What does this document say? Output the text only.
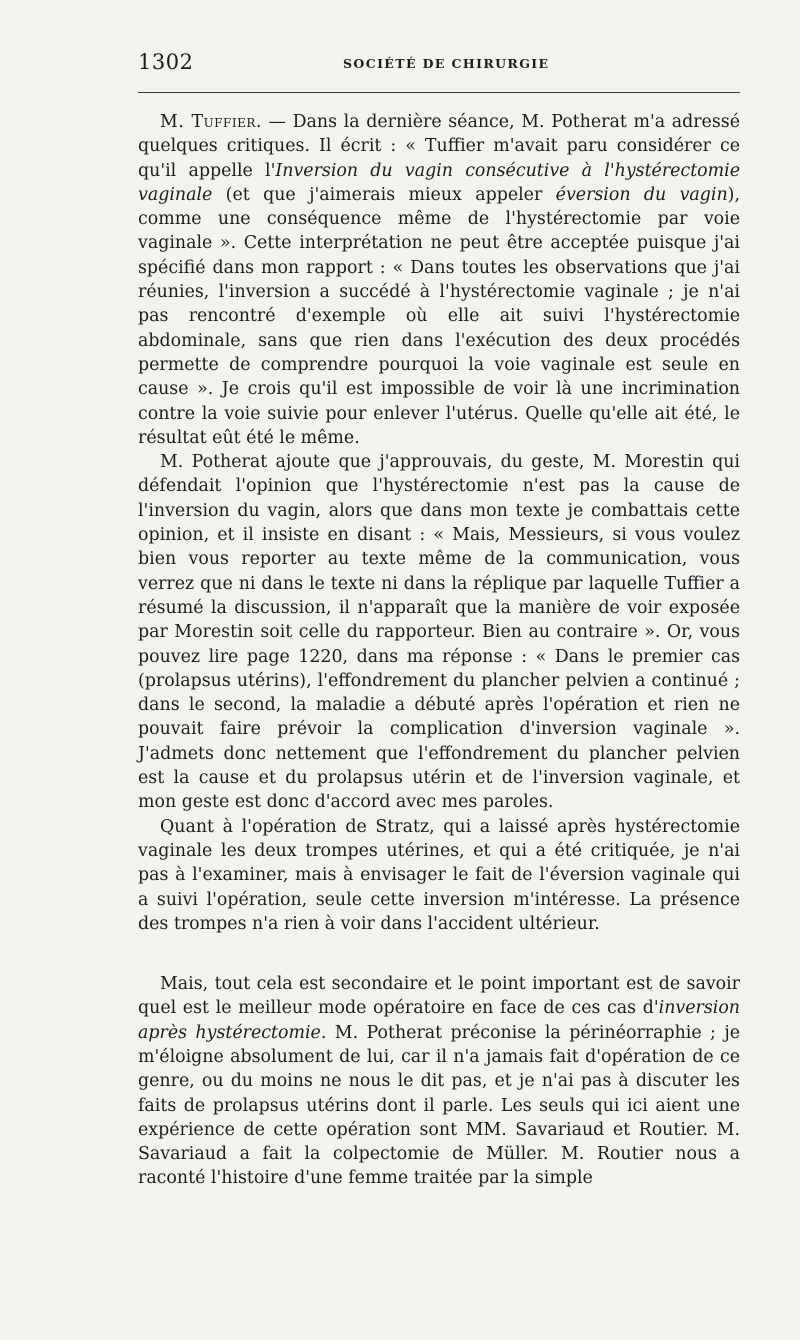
1302	SOCIÉTÉ DE CHIRURGIE

M. Tuffier. — Dans la dernière séance, M. Potherat m'a adressé quelques critiques. Il écrit : « Tuffier m'avait paru considérer ce qu'il appelle l'Inversion du vagin consécutive à l'hystérectomie vaginale (et que j'aimerais mieux appeler éversion du vagin), comme une conséquence même de l'hystérectomie par voie vaginale ». Cette interprétation ne peut être acceptée puisque j'ai spécifié dans mon rapport : « Dans toutes les observations que j'ai réunies, l'inversion a succédé à l'hystérectomie vaginale ; je n'ai pas rencontré d'exemple où elle ait suivi l'hystérectomie abdominale, sans que rien dans l'exécution des deux procédés permette de comprendre pourquoi la voie vaginale est seule en cause ». Je crois qu'il est impossible de voir là une incrimination contre la voie suivie pour enlever l'utérus. Quelle qu'elle ait été, le résultat eût été le même.

M. Potherat ajoute que j'approuvais, du geste, M. Morestin qui défendait l'opinion que l'hystérectomie n'est pas la cause de l'inversion du vagin, alors que dans mon texte je combattais cette opinion, et il insiste en disant : « Mais, Messieurs, si vous voulez bien vous reporter au texte même de la communication, vous verrez que ni dans le texte ni dans la réplique par laquelle Tuffier a résumé la discussion, il n'apparaît que la manière de voir exposée par Morestin soit celle du rapporteur. Bien au contraire ». Or, vous pouvez lire page 1220, dans ma réponse : « Dans le premier cas (prolapsus utérins), l'effondrement du plancher pelvien a continué ; dans le second, la maladie a débuté après l'opération et rien ne pouvait faire prévoir la complication d'inversion vaginale ». J'admets donc nettement que l'effondrement du plancher pelvien est la cause et du prolapsus utérin et de l'inversion vaginale, et mon geste est donc d'accord avec mes paroles.

Quant à l'opération de Stratz, qui a laissé après hystérectomie vaginale les deux trompes utérines, et qui a été critiquée, je n'ai pas à l'examiner, mais à envisager le fait de l'éversion vaginale qui a suivi l'opération, seule cette inversion m'intéresse. La présence des trompes n'a rien à voir dans l'accident ultérieur.

Mais, tout cela est secondaire et le point important est de savoir quel est le meilleur mode opératoire en face de ces cas d'inversion après hystérectomie. M. Potherat préconise la périnéorraphie ; je m'éloigne absolument de lui, car il n'a jamais fait d'opération de ce genre, ou du moins ne nous le dit pas, et je n'ai pas à discuter les faits de prolapsus utérins dont il parle. Les seuls qui ici aient une expérience de cette opération sont MM. Savariaud et Routier. M. Savariaud a fait la colpectomie de Müller. M. Routier nous a raconté l'histoire d'une femme traitée par la simple
